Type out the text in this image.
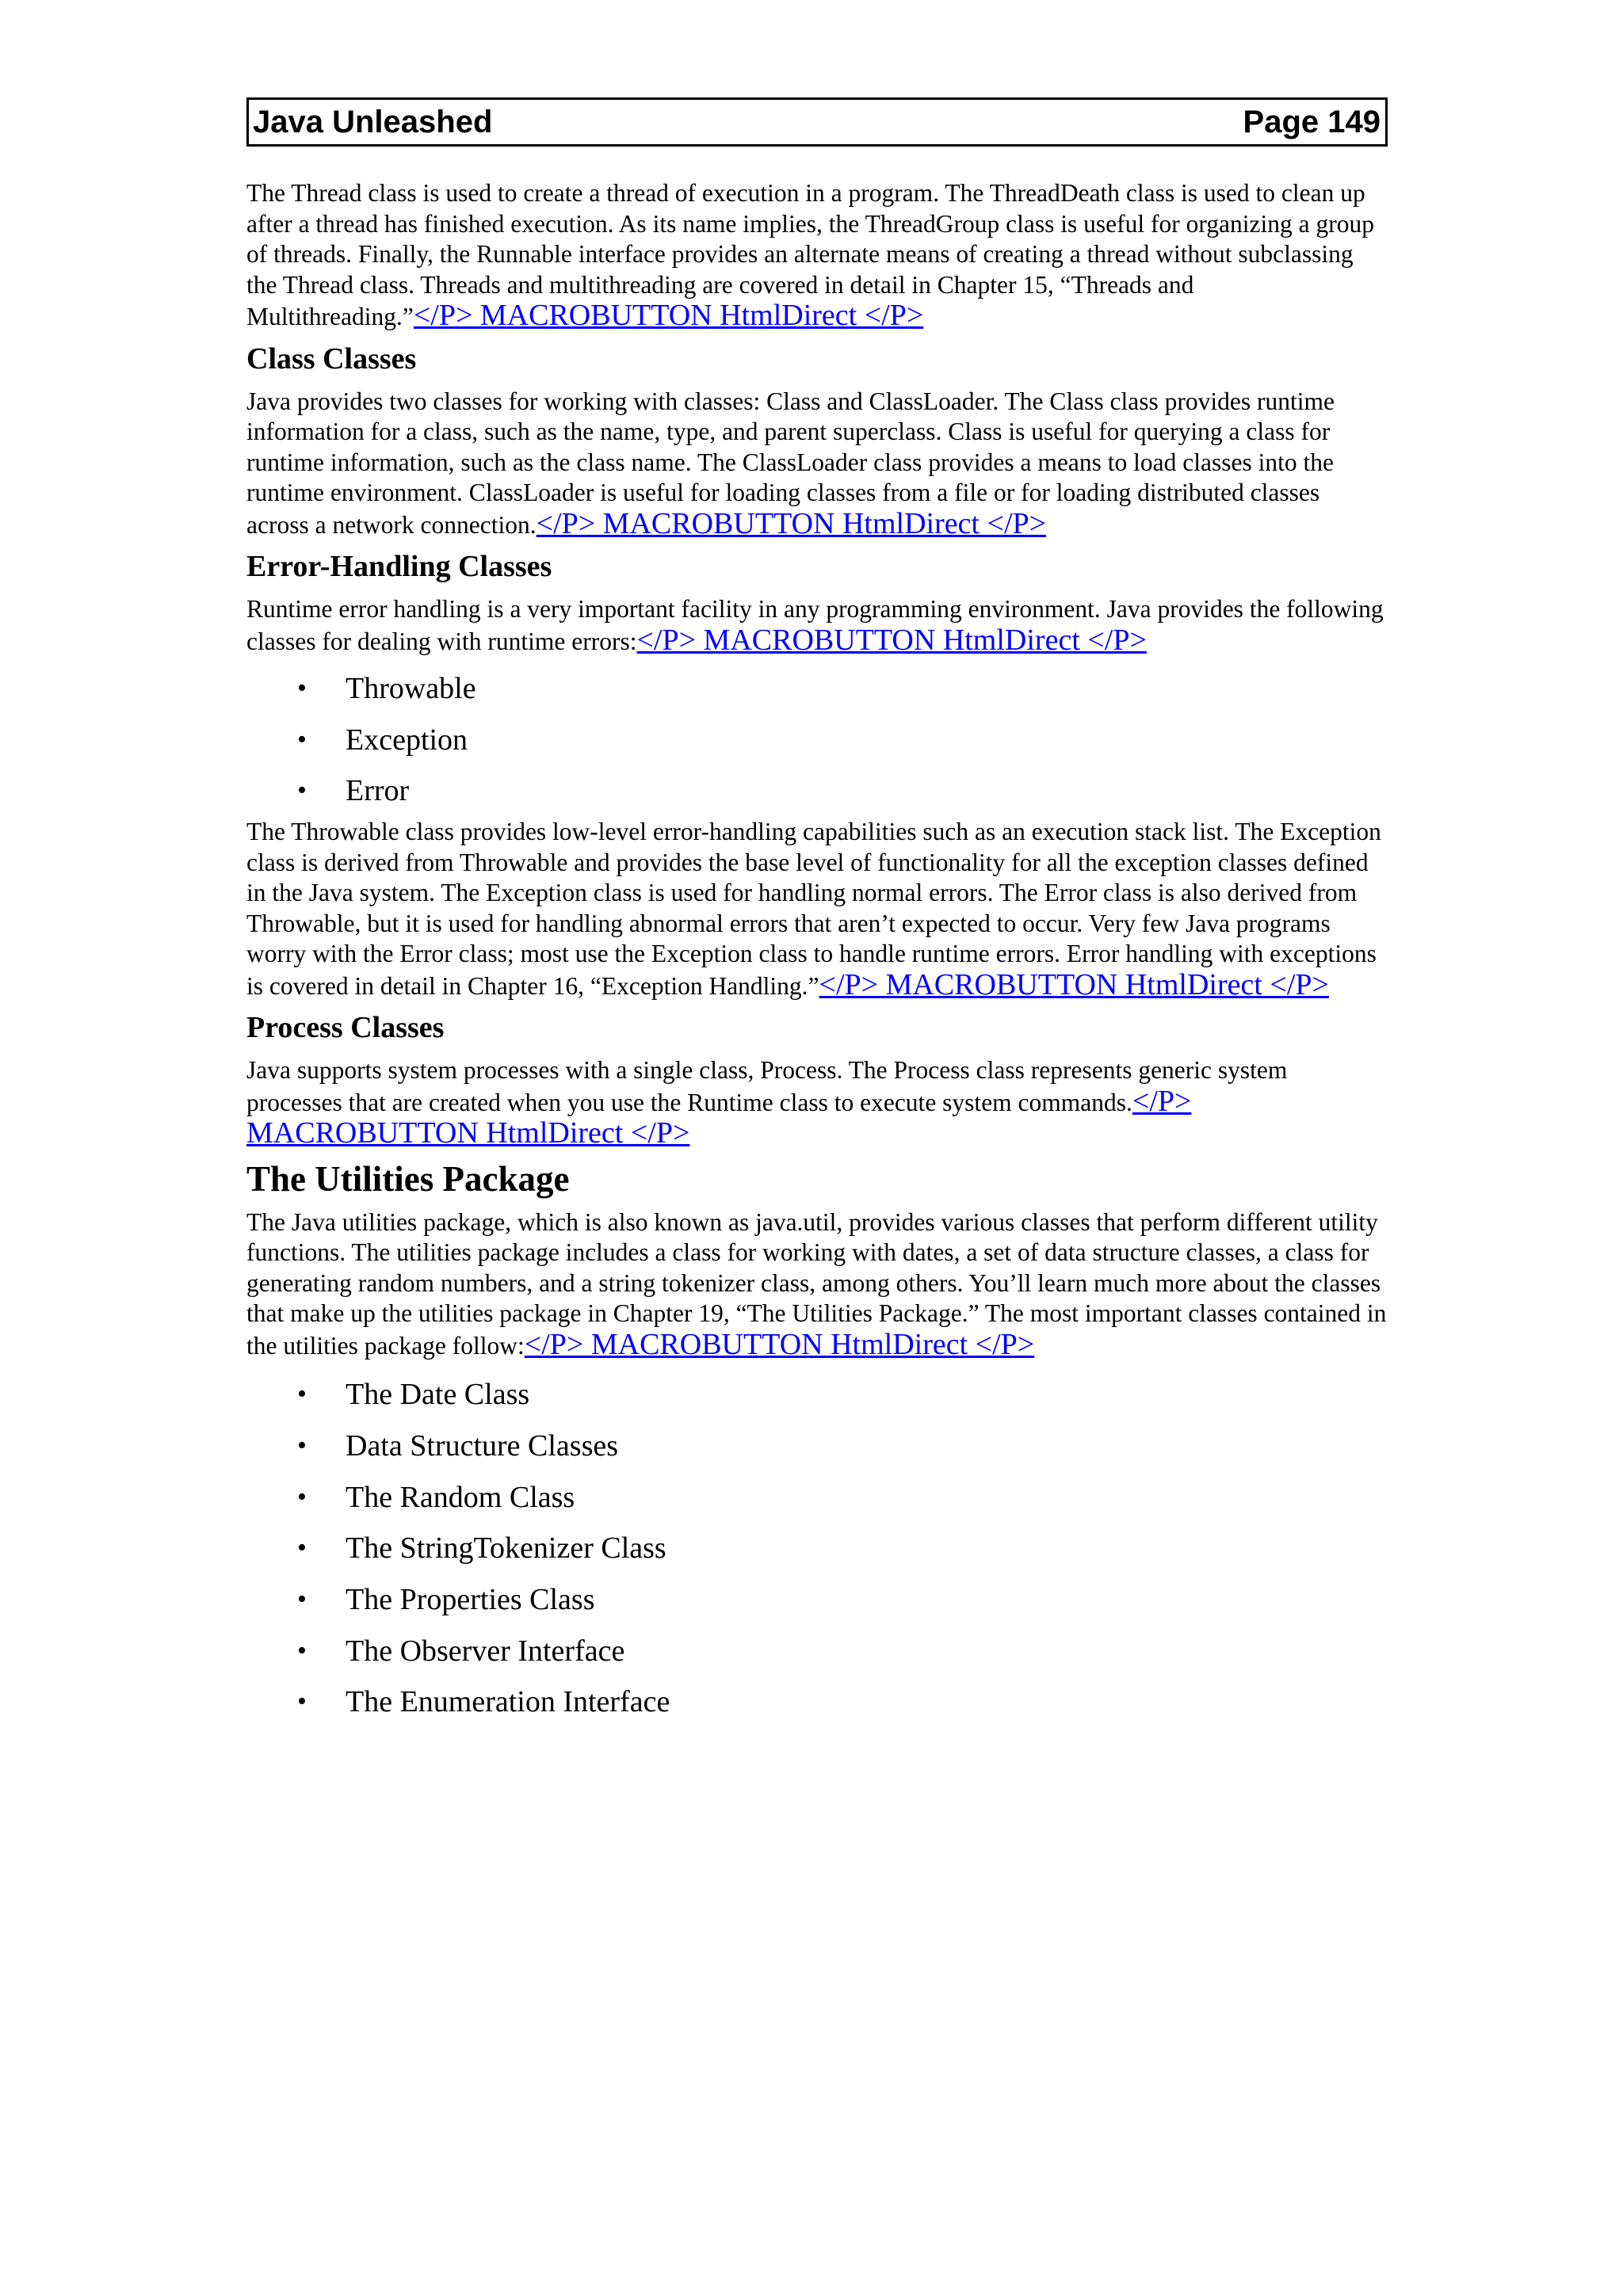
Java Unleashed	Page 149

The Thread class is used to create a thread of execution in a program. The ThreadDeath class is used to clean up after a thread has finished execution. As its name implies, the ThreadGroup class is useful for organizing a group of threads. Finally, the Runnable interface provides an alternate means of creating a thread without subclassing the Thread class. Threads and multithreading are covered in detail in Chapter 15, “Threads and Multithreading.”</P> MACROBUTTON HtmlDirect </P>

Class Classes

Java provides two classes for working with classes: Class and ClassLoader. The Class class provides runtime information for a class, such as the name, type, and parent superclass. Class is useful for querying a class for runtime information, such as the class name. The ClassLoader class provides a means to load classes into the runtime environment. ClassLoader is useful for loading classes from a file or for loading distributed classes across a network connection.</P> MACROBUTTON HtmlDirect </P>

Error-Handling Classes

Runtime error handling is a very important facility in any programming environment. Java provides the following classes for dealing with runtime errors:</P> MACROBUTTON HtmlDirect </P>

• Throwable
• Exception
• Error

The Throwable class provides low-level error-handling capabilities such as an execution stack list. The Exception class is derived from Throwable and provides the base level of functionality for all the exception classes defined in the Java system. The Exception class is used for handling normal errors. The Error class is also derived from Throwable, but it is used for handling abnormal errors that aren’t expected to occur. Very few Java programs worry with the Error class; most use the Exception class to handle runtime errors. Error handling with exceptions is covered in detail in Chapter 16, “Exception Handling.”</P> MACROBUTTON HtmlDirect </P>

Process Classes

Java supports system processes with a single class, Process. The Process class represents generic system processes that are created when you use the Runtime class to execute system commands.</P> MACROBUTTON HtmlDirect </P>

The Utilities Package

The Java utilities package, which is also known as java.util, provides various classes that perform different utility functions. The utilities package includes a class for working with dates, a set of data structure classes, a class for generating random numbers, and a string tokenizer class, among others. You’ll learn much more about the classes that make up the utilities package in Chapter 19, “The Utilities Package.” The most important classes contained in the utilities package follow:</P> MACROBUTTON HtmlDirect </P>

• The Date Class
• Data Structure Classes
• The Random Class
• The StringTokenizer Class
• The Properties Class
• The Observer Interface
• The Enumeration Interface
